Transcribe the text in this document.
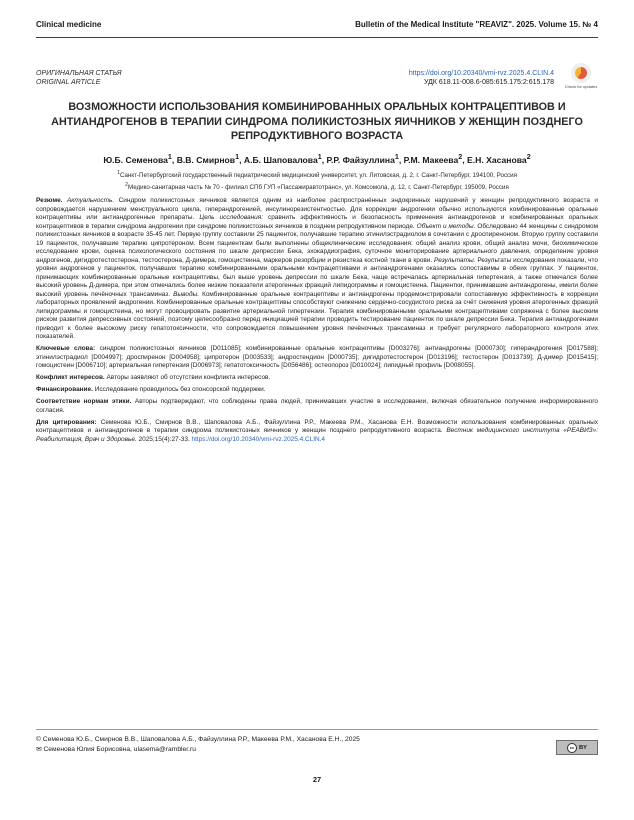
Clinical medicine	Bulletin of the Medical Institute "REAVIZ". 2025. Volume 15. № 4
ОРИГИНАЛЬНАЯ СТАТЬЯ
ORIGINAL ARTICLE
https://doi.org/10.20340/vmi-rvz.2025.4.CLIN.4
УДК 618.11-008.6-085:615.175:2:615.178
Check for updates
ВОЗМОЖНОСТИ ИСПОЛЬЗОВАНИЯ КОМБИНИРОВАННЫХ ОРАЛЬНЫХ КОНТРАЦЕПТИВОВ И АНТИАНДРОГЕНОВ В ТЕРАПИИ СИНДРОМА ПОЛИКИСТОЗНЫХ ЯИЧНИКОВ У ЖЕНЩИН ПОЗДНЕГО РЕПРОДУКТИВНОГО ВОЗРАСТА
Ю.Б. Семенова$^1$, В.В. Смирнов$^1$, А.Б. Шаповалова$^1$, Р.Р. Файзуллина$^1$, Р.М. Макеева$^2$, Е.Н. Хасанова$^2$
$^1$Санкт-Петербургский государственный педиатрический медицинский университет, ул. Литовская, д. 2, г. Санкт-Петербург, 194100, Россия
$^2$Медико-санитарная часть № 70 - филиал СПб ГУП «Пассажиравтотранс», ул. Комсомола, д. 12, г. Санкт-Петербург, 195009, Россия

Резюме. Актуальность. Синдром поликистозных яичников является одним из наиболее распространённых эндокринных нарушений у женщин репродуктивного возраста и сопровождается нарушением менструального цикла, гиперандрогенией, инсулинорезистентностью. Для коррекции андрогении обычно используются комбинированные оральные контрацептивы или антиандрогенные препараты. Цель исследования: сравнить эффективность и безопасность применения антиандрогенов и комбинированных оральных контрацептивов в терапии синдрома андрогении при синдроме поликистозных яичников в позднем репродуктивном периоде. Объект и методы. Обследовано 44 женщины с синдромом поликистозных яичников в возрасте 35-45 лет. Первую группу составили 25 пациенток, получавшие терапию этинилэстрадиолом в сочетании с дроспиреноном. Вторую группу составили 19 пациенток, получавшие терапию ципротероном. Всем пациенткам были выполнены общеклинические исследования: общий анализ крови, общий анализ мочи, биохимическое исследование крови, оценка психологического состояния по шкале депрессии Бека, эхокардиография, суточное мониторирование артериального давления, определение уровня андрогенов, дигидротестостерона, тестостерона, Д-димера, гомоцистеина, маркеров резорбции и резистеза костной ткани в крови. Результаты. Результаты исследования показали, что уровни андрогенов у пациенток, получавших терапию комбинированными оральными контрацептивами и антиандрогенами оказались сопоставимы в обеих группах. У пациенток, принимающих комбинированные оральные контрацептивы, был выше уровень депрессии по шкале Бека, чаще встречалась артериальная гипертензия, а также отмечался более высокий уровень Д-димера, при этом отмечались более низкие показатели атерогенных фракций липидограммы и гомоцистеина. Пациентки, принимавшие антиандрогены, имели более высокий уровень печёночных трансаминаз. Выводы. Комбинированные оральные контрацептивы и антиандрогены продемонстрировали сопоставимую эффективность в коррекции лабораторных проявлений андрогении. Комбинированные оральные контрацептивы способствуют снижению сердечно-сосудистого риска за счёт снижения уровня атерогенных фракций липидограммы и гомоцистеина, но могут провоцировать развитие артериальной гипертензии. Терапия комбинированными оральными контрацептивами сопряжена с более высоким риском развития депрессивных состояний, поэтому целесообразно перед инициацией терапии проводить тестирование пациенток по шкале депрессии Бека. Терапия антиандрогенами приводит к более высокому риску гепатотоксичности, что сопровождается повышением уровня печёночных трансаминаз и требует регулярного лабораторного контроля этих показателей.

Ключевые слова: синдром поликистозных яичников [D011085]; комбинированные оральные контрацептивы [D003276]; антиандрогены [D000730]; гиперандрогения [D017588]; этинилэстрадиол [D004997]; дроспиренон [D004958]; ципротерон [D003533]; андростендион [D000735]; дигидротестостерон [D013196]; тестостерон [D013739]; Д-димер [D015415]; гомоцистеин [D006710]; артериальная гипертензия [D006973]; гепатотоксичность [D056486]; остеопороз [D010024]; липидный профиль [D008055].

Конфликт интересов. Авторы заявляют об отсутствии конфликта интересов.

Финансирование. Исследование проводилось без спонсорской поддержки.

Соответствие нормам этики. Авторы подтверждают, что соблюдены права людей, принимавших участие в исследовании, включая обязательное получение информированного согласия.

Для цитирования: Семенова Ю.Б., Смирнов В.В., Шаповалова А.Б., Файзуллина Р.Р., Макеева Р.М., Хасанова Е.Н. Возможности использования комбинированных оральных контрацептивов и антиандрогенов в терапии синдрома поликистозных яичников у женщин позднего репродуктивного возраста. Вестник медицинского института «РЕАВИЗ»: Реабилитация, Врач и Здоровье. 2025;15(4):27-33. https://doi.org/10.20340/vmi-rvz.2025.4.CLIN.4

© Семенова Ю.Б., Смирнов В.В., Шаповалова А.Б., Файзуллина Р.Р., Макеева Р.М., Хасанова Е.Н., 2025
✉ Семенова Юлия Борисовна, ulasema@rambler.ru	cc BY
27
